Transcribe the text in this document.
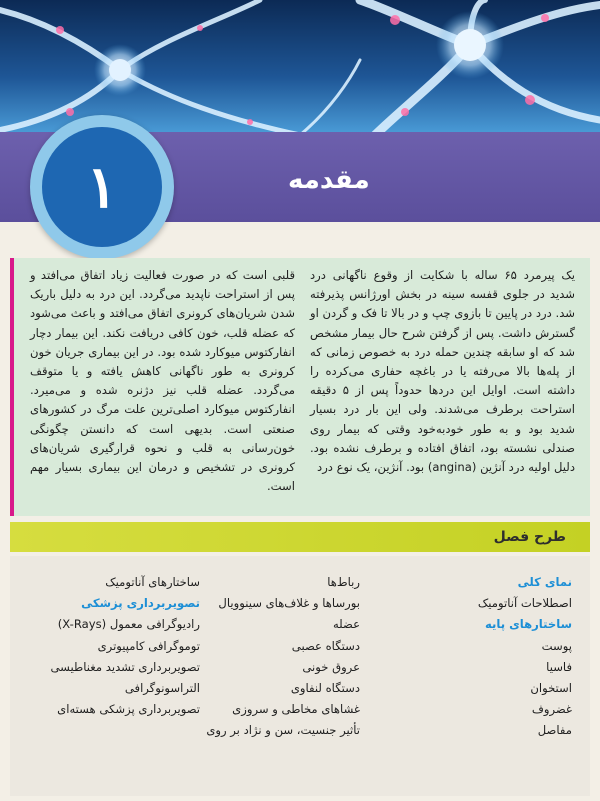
مقدمه
۱
یک پیرمرد ۶۵ ساله با شکایت از وقوع ناگهانی درد شدید در جلوی قفسه سینه در بخش اورژانس پذیرفته شد. درد در پایین تا بازوی چپ و در بالا تا فک و گردن او گسترش داشت. پس از گرفتن شرح حال بیمار مشخص شد که او سابقه چندین حمله درد به خصوص زمانی که از پله‌ها بالا می‌رفته یا در باغچه حفاری می‌کرده را داشته است. اوایل این دردها حدوداً پس از ۵ دقیقه استراحت برطرف می‌شدند. ولی این بار درد بسیار شدید بود و به طور خودبه‌خود وقتی که بیمار روی صندلی نشسته بود، اتفاق افتاده و برطرف نشده بود. دلیل اولیه درد آنژین (angina) بود. آنژین، یک نوع درد
قلبی است که در صورت فعالیت زیاد اتفاق می‌افتد و پس از استراحت ناپدید می‌گردد. این درد به دلیل باریک شدن شریان‌های کرونری اتفاق می‌افتد و باعث می‌شود که عضله قلب، خون کافی دریافت نکند. این بیمار دچار انفارکتوس میوکارد شده بود. در این بیماری جریان خون کرونری به طور ناگهانی کاهش یافته و یا متوقف می‌گردد. عضله قلب نیز دژنره شده و می‌میرد. انفارکتوس میوکارد اصلی‌ترین علت مرگ در کشورهای صنعتی است. بدیهی است که دانستن چگونگی خون‌رسانی به قلب و نحوه قرارگیری شریان‌های کرونری در تشخیص و درمان این بیماری بسیار مهم است.
طرح فصل
نمای کلی
اصطلاحات آناتومیک
ساختارهای پایه
پوست
فاسیا
استخوان
غضروف
مفاصل
رباط‌ها
بورساها و غلاف‌های سینوویال
عضله
دستگاه عصبی
عروق خونی
دستگاه لنفاوی
غشاهای مخاطی و سروزی
تأثیر جنسیت، سن و نژاد بر روی
ساختارهای آناتومیک
تصویربرداری پزشکی
رادیوگرافی معمول (X-Rays)
توموگرافی کامپیوتری
تصویربرداری تشدید مغناطیسی
التراسونوگرافی
تصویربرداری پزشکی هسته‌ای
